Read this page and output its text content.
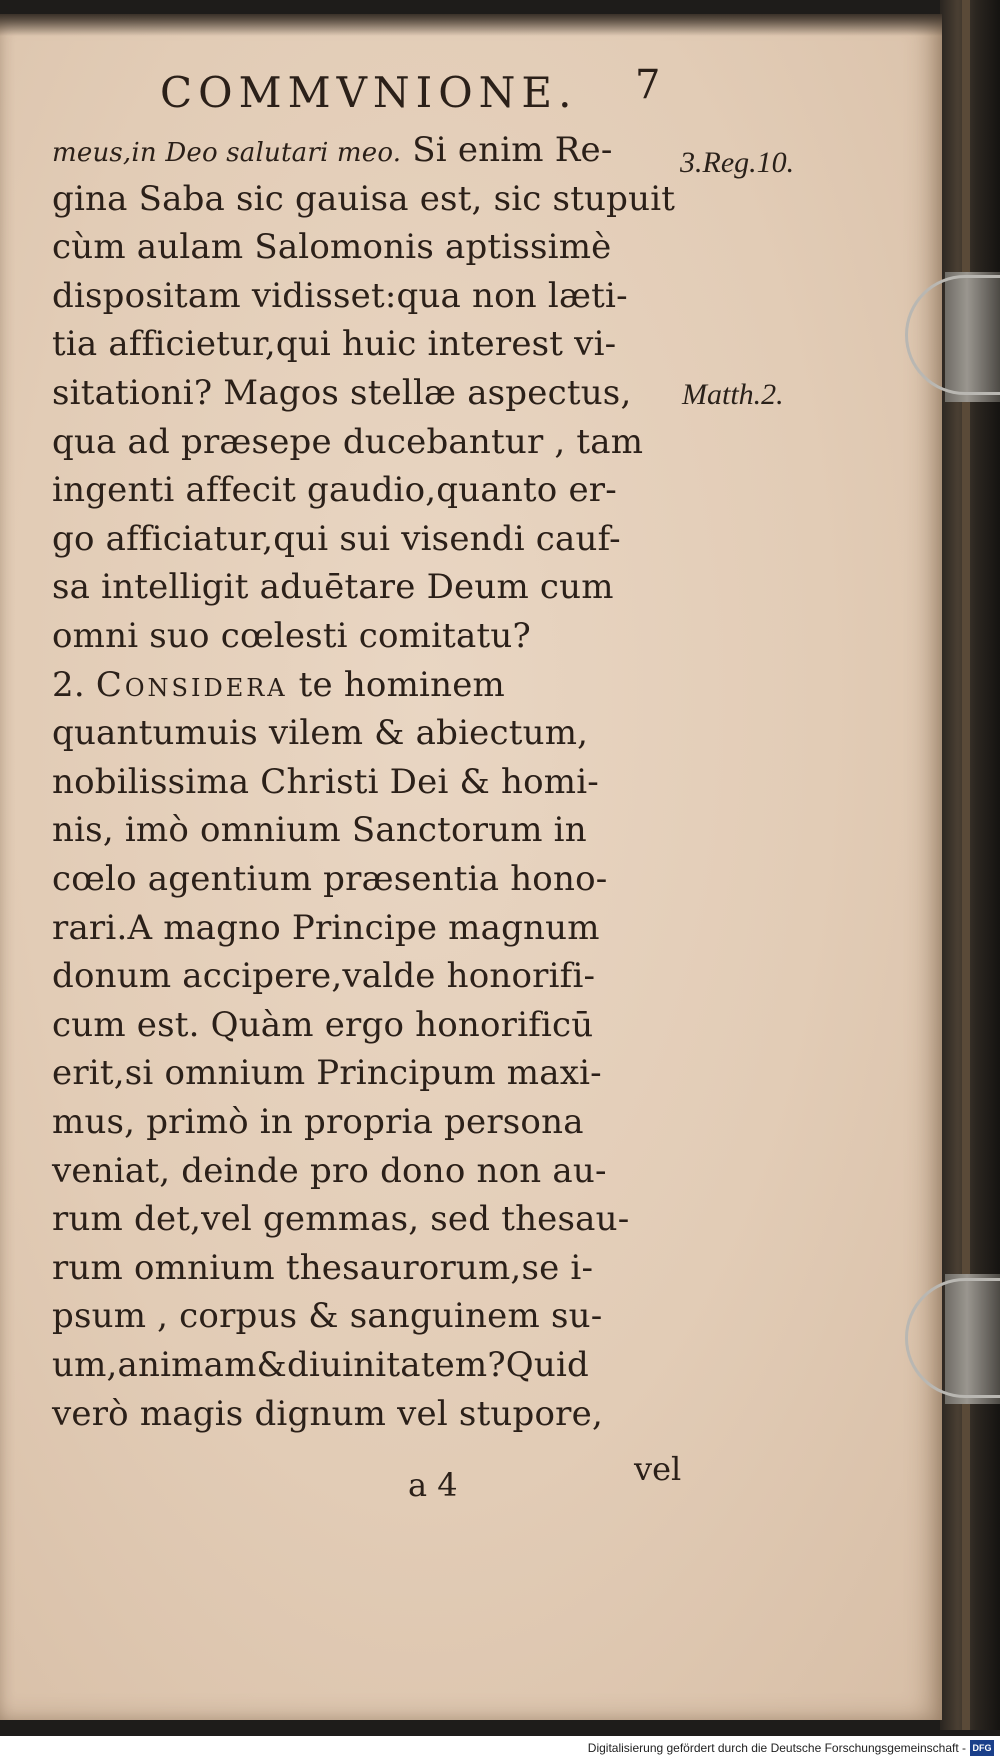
COMMVNIONE. 7
meus,in Deo salutari meo. Si enim Re-
gina Saba sic gauisa est, sic stupuit
cùm aulam Salomonis aptissimè
dispositam vidisset:qua non læti-
tia afficietur,qui huic interest vi-
sitationi? Magos stellæ aspectus,
qua ad præsepe ducebantur , tam
ingenti affecit gaudio,quanto er-
go afficiatur,qui sui visendi cauf-
sa intelligit aduētare Deum cum
omni suo cœlesti comitatu?
2. Considera te hominem
quantumuis vilem & abiectum,
nobilissima Christi Dei & homi-
nis, imò omnium Sanctorum in
cœlo agentium præsentia hono-
rari.A magno Principe magnum
donum accipere,valde honorifi-
cum est. Quàm ergo honorificū
erit,si omnium Principum maxi-
mus, primò in propria persona
veniat, deinde pro dono non au-
rum det,vel gemmas, sed thesau-
rum omnium thesaurorum,se i-
psum , corpus & sanguinem su-
um,animam&diuinitatem?Quid
verò magis dignum vel stupore,
3.Reg.10.
Matth.2.
a 4	vel
Digitalisierung gefördert durch die Deutsche Forschungsgemeinschaft - DFG
